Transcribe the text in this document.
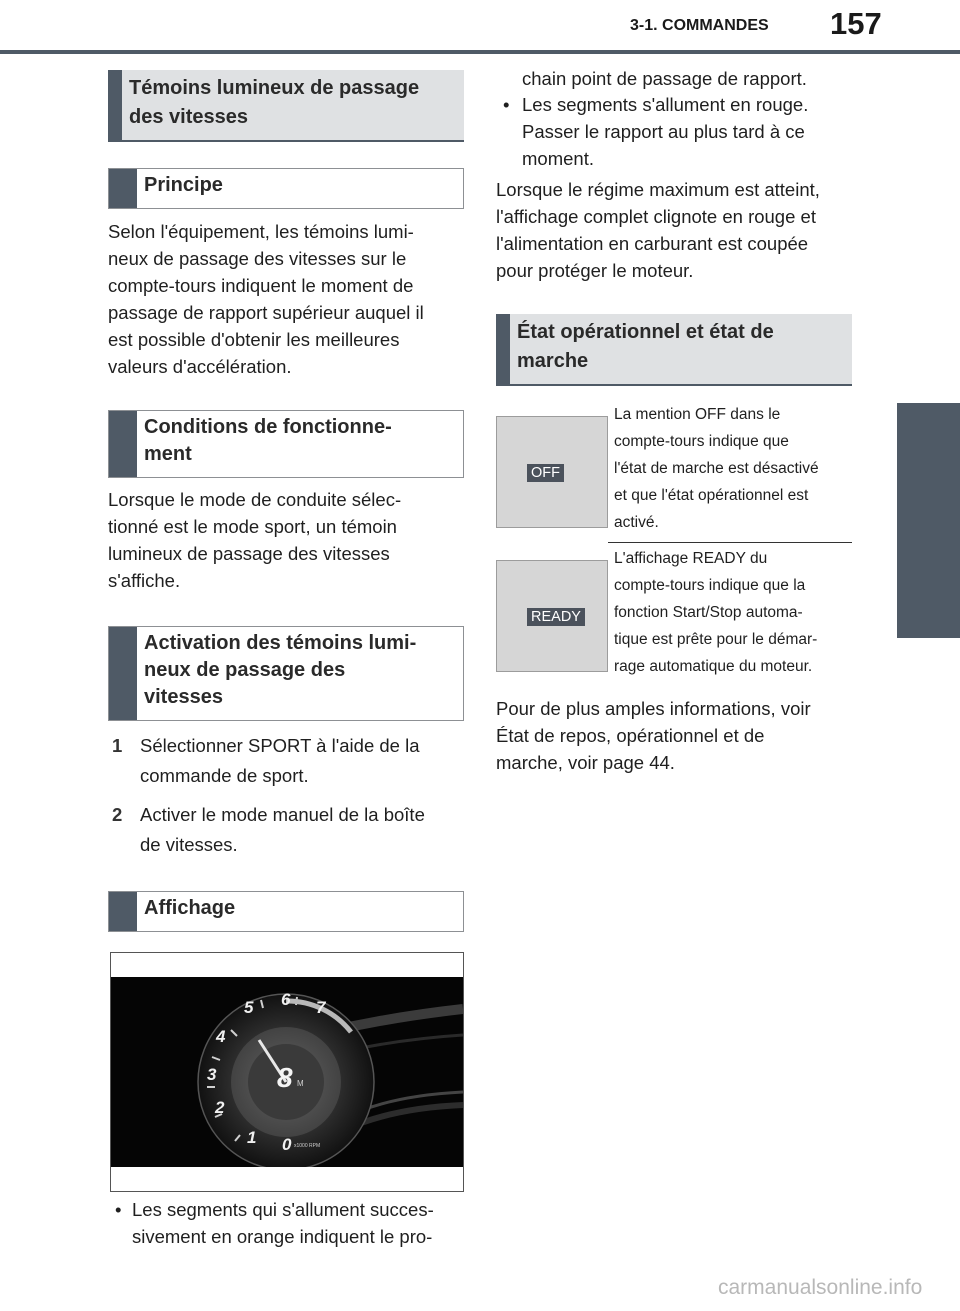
3-1. COMMANDES 157
3
COMMANDES
Témoins lumineux de passage des vitesses
Principe
Selon l'équipement, les témoins lumi-
neux de passage des vitesses sur le
compte-tours indiquent le moment de
passage de rapport supérieur auquel il
est possible d'obtenir les meilleures
valeurs d'accélération.
Conditions de fonctionne-
ment
Lorsque le mode de conduite sélec-
tionné est le mode sport, un témoin
lumineux de passage des vitesses
s'affiche.
Activation des témoins lumi-
neux de passage des
vitesses
1 Sélectionner SPORT à l'aide de la
commande de sport.
2 Activer le mode manuel de la boîte
de vitesses.
Affichage
1
2
3
4
5 6 7
0
8 M
x1000 RPM
• Les segments qui s'allument succes-
sivement en orange indiquent le pro-
chain point de passage de rapport.
• Les segments s'allument en rouge.
Passer le rapport au plus tard à ce
moment.
Lorsque le régime maximum est atteint,
l'affichage complet clignote en rouge et
l'alimentation en carburant est coupée
pour protéger le moteur.
État opérationnel et état de
marche
OFF
La mention OFF dans le
compte-tours indique que
l'état de marche est désactivé
et que l'état opérationnel est
activé.
READY
L'affichage READY du
compte-tours indique que la
fonction Start/Stop automa-
tique est prête pour le démar-
rage automatique du moteur.
Pour de plus amples informations, voir
État de repos, opérationnel et de
marche, voir page 44.
carmanualsonline.info
